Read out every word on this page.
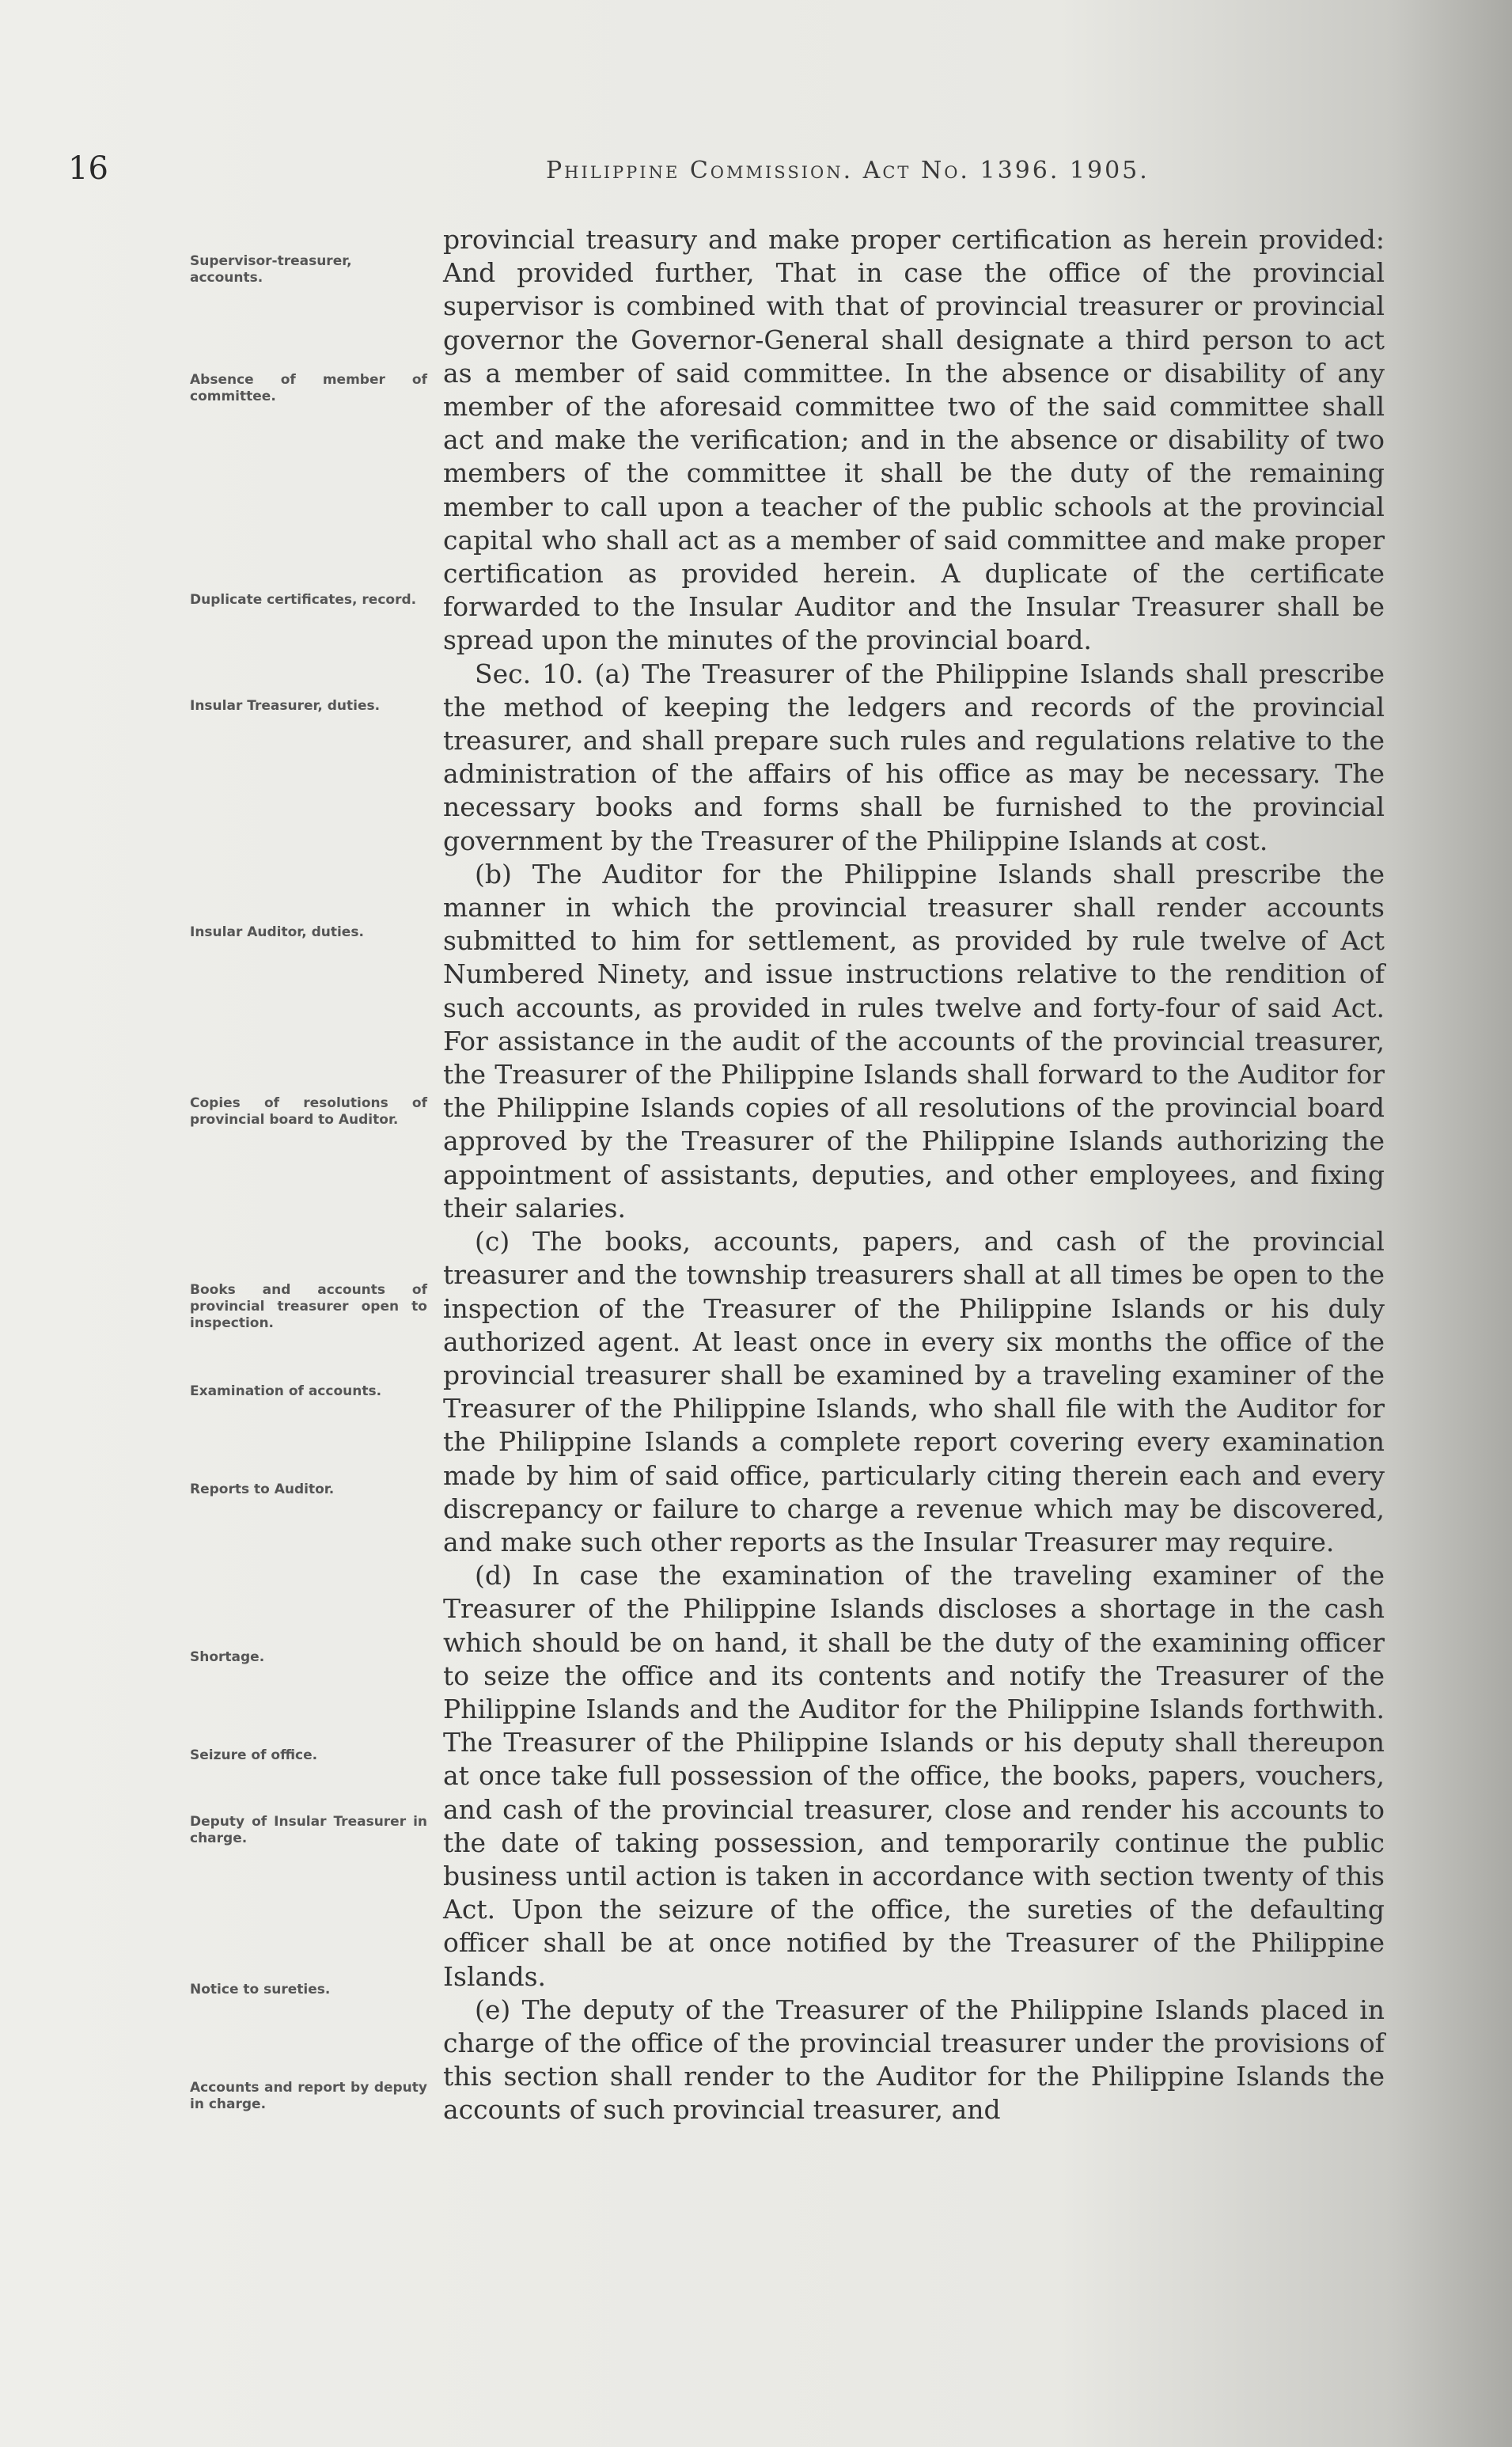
16	Philippine Commission. Act No. 1396. 1905.
Supervisor-treasurer, accounts.
Absence of member of committee.
Duplicate certificates, record.
Insular Treasurer, duties.
Insular Auditor, duties.
Copies of resolutions of provincial board to Auditor.
Books and accounts of provincial treasurer open to inspection.
Examination of accounts.
Reports to Auditor.
Shortage.
Seizure of office.
Deputy of Insular Treasurer in charge.
Notice to sureties.
Accounts and report by deputy in charge.

provincial treasury and make proper certification as herein provided: And provided further, That in case the office of the provincial supervisor is combined with that of provincial treasurer or provincial governor the Governor-General shall designate a third person to act as a member of said committee. In the absence or disability of any member of the aforesaid committee two of the said committee shall act and make the verification; and in the absence or disability of two members of the committee it shall be the duty of the remaining member to call upon a teacher of the public schools at the provincial capital who shall act as a member of said committee and make proper certification as provided herein. A duplicate of the certificate forwarded to the Insular Auditor and the Insular Treasurer shall be spread upon the minutes of the provincial board.

Sec. 10. (a) The Treasurer of the Philippine Islands shall prescribe the method of keeping the ledgers and records of the provincial treasurer, and shall prepare such rules and regulations relative to the administration of the affairs of his office as may be necessary. The necessary books and forms shall be furnished to the provincial government by the Treasurer of the Philippine Islands at cost.

(b) The Auditor for the Philippine Islands shall prescribe the manner in which the provincial treasurer shall render accounts submitted to him for settlement, as provided by rule twelve of Act Numbered Ninety, and issue instructions relative to the rendition of such accounts, as provided in rules twelve and forty-four of said Act. For assistance in the audit of the accounts of the provincial treasurer, the Treasurer of the Philippine Islands shall forward to the Auditor for the Philippine Islands copies of all resolutions of the provincial board approved by the Treasurer of the Philippine Islands authorizing the appointment of assistants, deputies, and other employees, and fixing their salaries.

(c) The books, accounts, papers, and cash of the provincial treasurer and the township treasurers shall at all times be open to the inspection of the Treasurer of the Philippine Islands or his duly authorized agent. At least once in every six months the office of the provincial treasurer shall be examined by a traveling examiner of the Treasurer of the Philippine Islands, who shall file with the Auditor for the Philippine Islands a complete report covering every examination made by him of said office, particularly citing therein each and every discrepancy or failure to charge a revenue which may be discovered, and make such other reports as the Insular Treasurer may require.

(d) In case the examination of the traveling examiner of the Treasurer of the Philippine Islands discloses a shortage in the cash which should be on hand, it shall be the duty of the examining officer to seize the office and its contents and notify the Treasurer of the Philippine Islands and the Auditor for the Philippine Islands forthwith. The Treasurer of the Philippine Islands or his deputy shall thereupon at once take full possession of the office, the books, papers, vouchers, and cash of the provincial treasurer, close and render his accounts to the date of taking possession, and temporarily continue the public business until action is taken in accordance with section twenty of this Act. Upon the seizure of the office, the sureties of the defaulting officer shall be at once notified by the Treasurer of the Philippine Islands.

(e) The deputy of the Treasurer of the Philippine Islands placed in charge of the office of the provincial treasurer under the provisions of this section shall render to the Auditor for the Philippine Islands the accounts of such provincial treasurer, and
